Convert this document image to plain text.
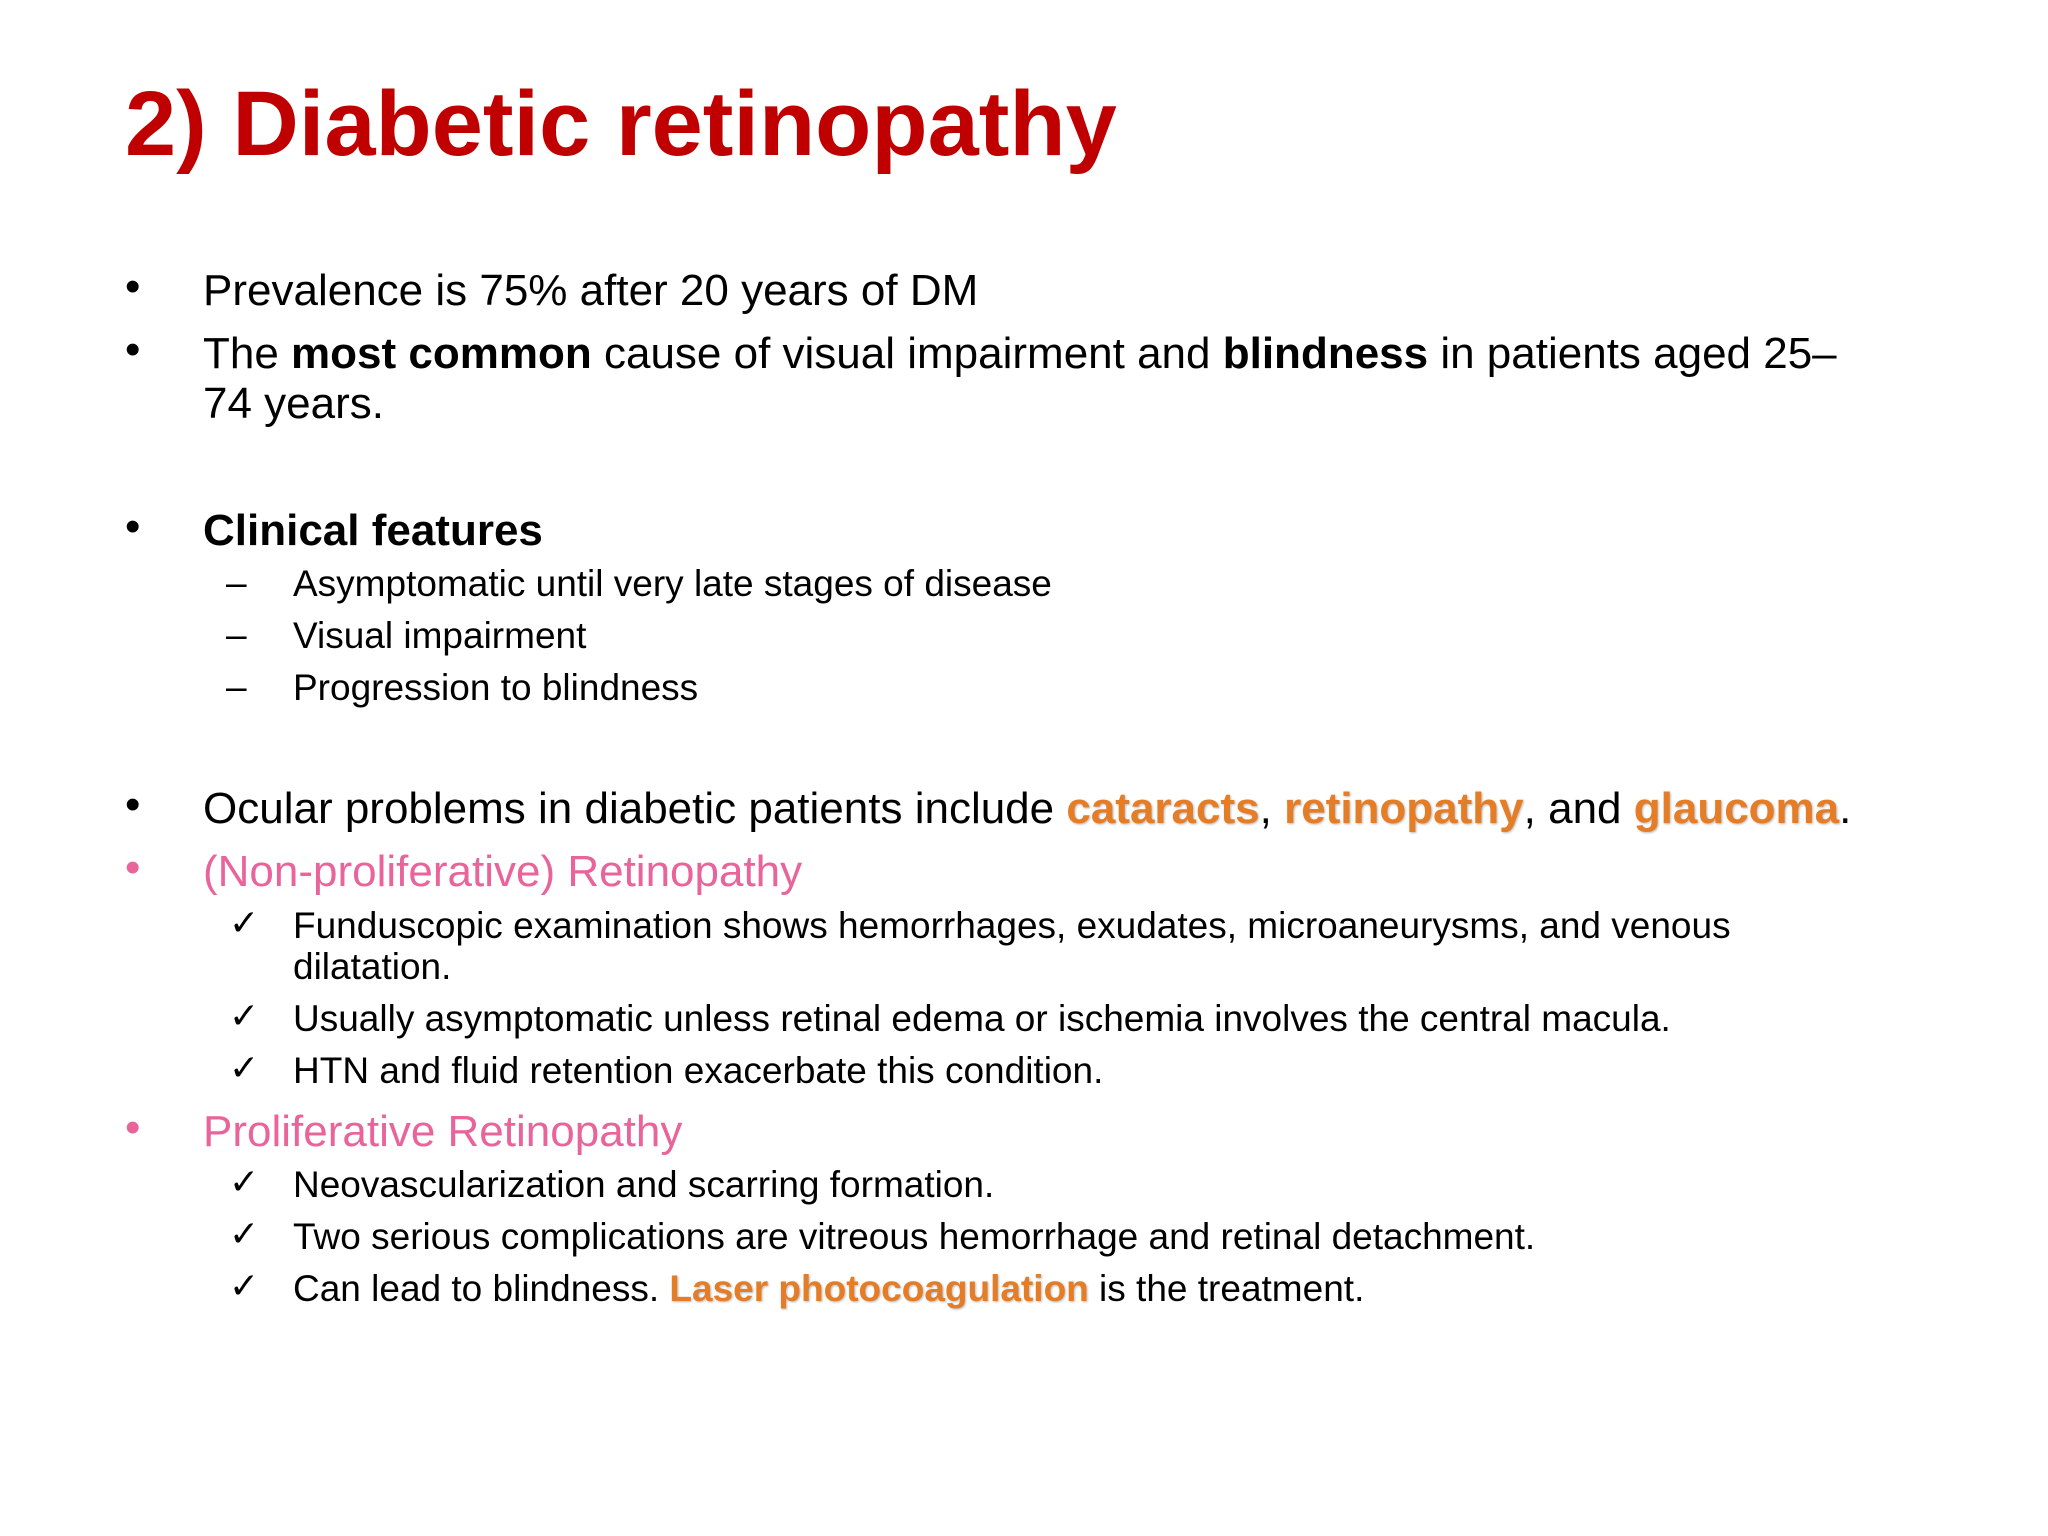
2) Diabetic retinopathy
• Prevalence is 75% after 20 years of DM
• The most common cause of visual impairment and blindness in patients aged 25–
74 years.
• Clinical features
– Asymptomatic until very late stages of disease
– Visual impairment
– Progression to blindness
• Ocular problems in diabetic patients include cataracts, retinopathy, and glaucoma.
• (Non-proliferative) Retinopathy
✓ Funduscopic examination shows hemorrhages, exudates, microaneurysms, and venous
dilatation.
✓ Usually asymptomatic unless retinal edema or ischemia involves the central macula.
✓ HTN and fluid retention exacerbate this condition.
• Proliferative Retinopathy
✓ Neovascularization and scarring formation.
✓ Two serious complications are vitreous hemorrhage and retinal detachment.
✓ Can lead to blindness. Laser photocoagulation is the treatment.
